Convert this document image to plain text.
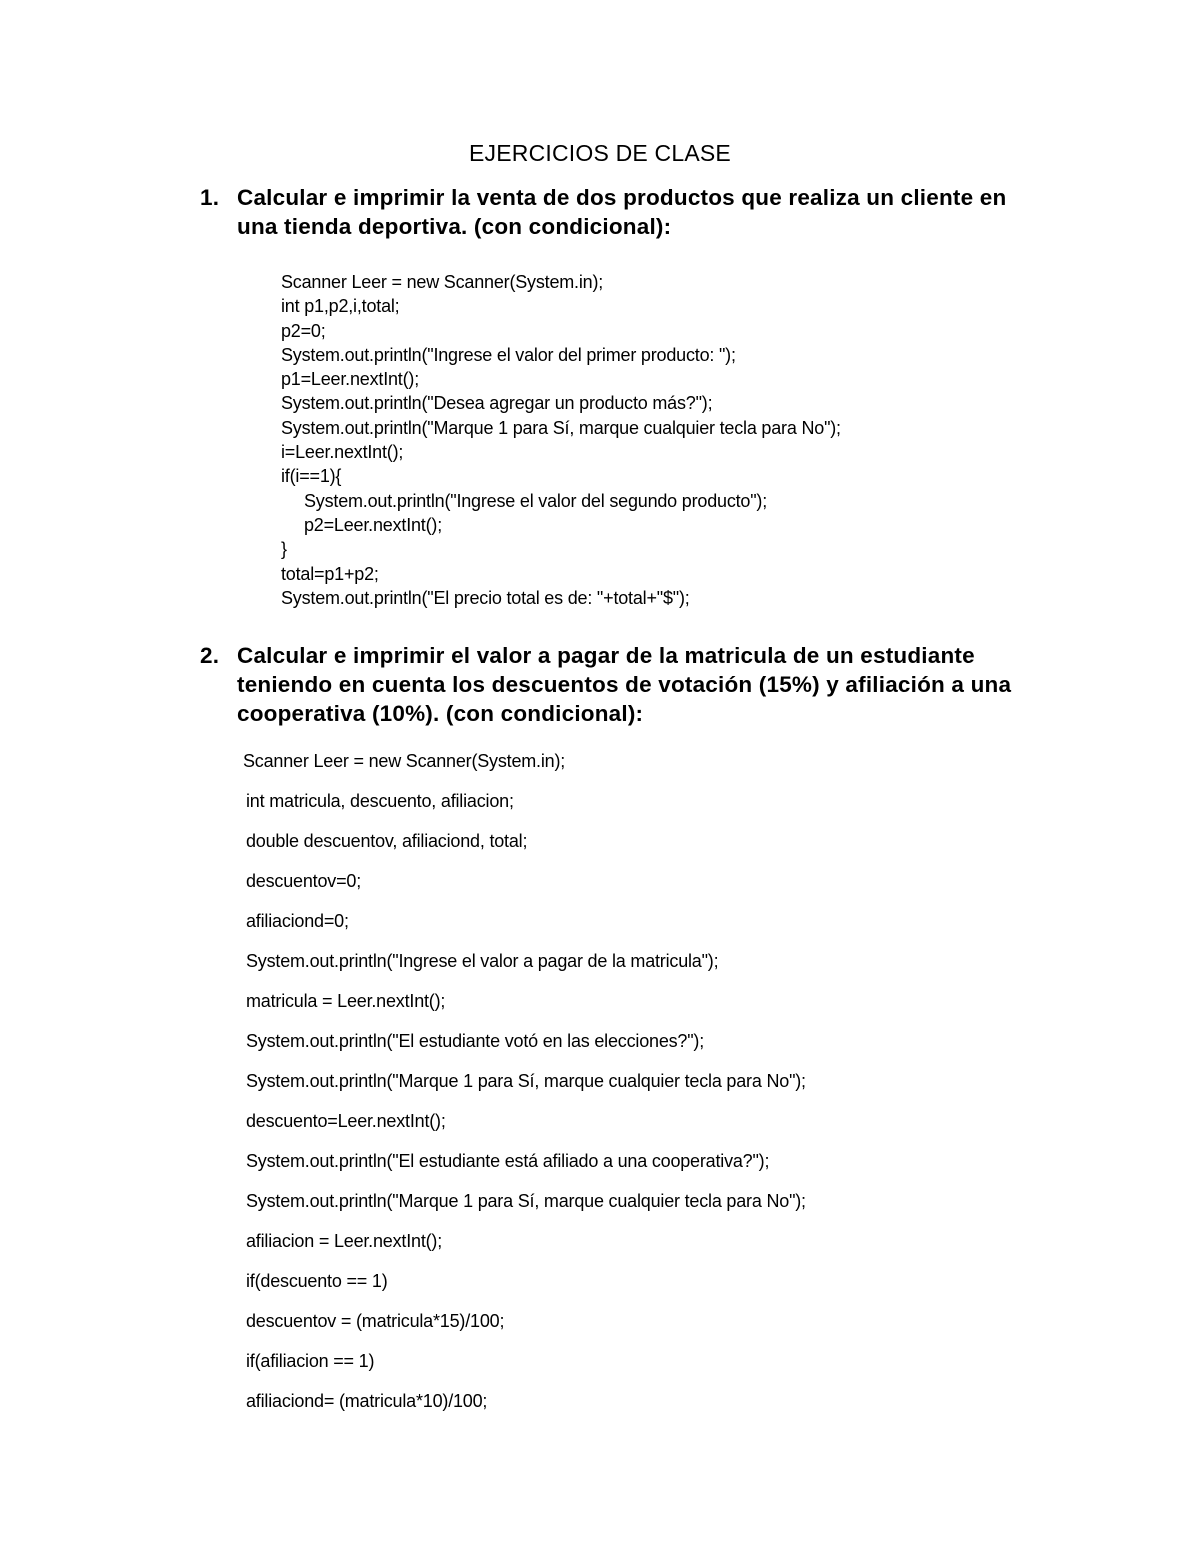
EJERCICIOS DE CLASE
1. Calcular e imprimir la venta de dos productos que realiza un cliente en una tienda deportiva. (con condicional):
Scanner Leer = new Scanner(System.in);
int p1,p2,i,total;
p2=0;
System.out.println("Ingrese el valor del primer producto: ");
p1=Leer.nextInt();
System.out.println("Desea agregar un producto más?");
System.out.println("Marque 1 para Sí, marque cualquier tecla para No");
i=Leer.nextInt();
if(i==1){
System.out.println("Ingrese el valor del segundo producto");
p2=Leer.nextInt();
}
total=p1+p2;
System.out.println("El precio total es de: "+total+"$");
2. Calcular e imprimir el valor a pagar de la matricula de un estudiante teniendo en cuenta los descuentos de votación (15%) y afiliación a una cooperativa (10%). (con condicional):
Scanner Leer = new Scanner(System.in);
int matricula, descuento, afiliacion;
double descuentov, afiliaciond, total;
descuentov=0;
afiliaciond=0;
System.out.println("Ingrese el valor a pagar de la matricula");
matricula = Leer.nextInt();
System.out.println("El estudiante votó en las elecciones?");
System.out.println("Marque 1 para Sí, marque cualquier tecla para No");
descuento=Leer.nextInt();
System.out.println("El estudiante está afiliado a una cooperativa?");
System.out.println("Marque 1 para Sí, marque cualquier tecla para No");
afiliacion = Leer.nextInt();
if(descuento == 1)
descuentov = (matricula*15)/100;
if(afiliacion == 1)
afiliaciond= (matricula*10)/100;
